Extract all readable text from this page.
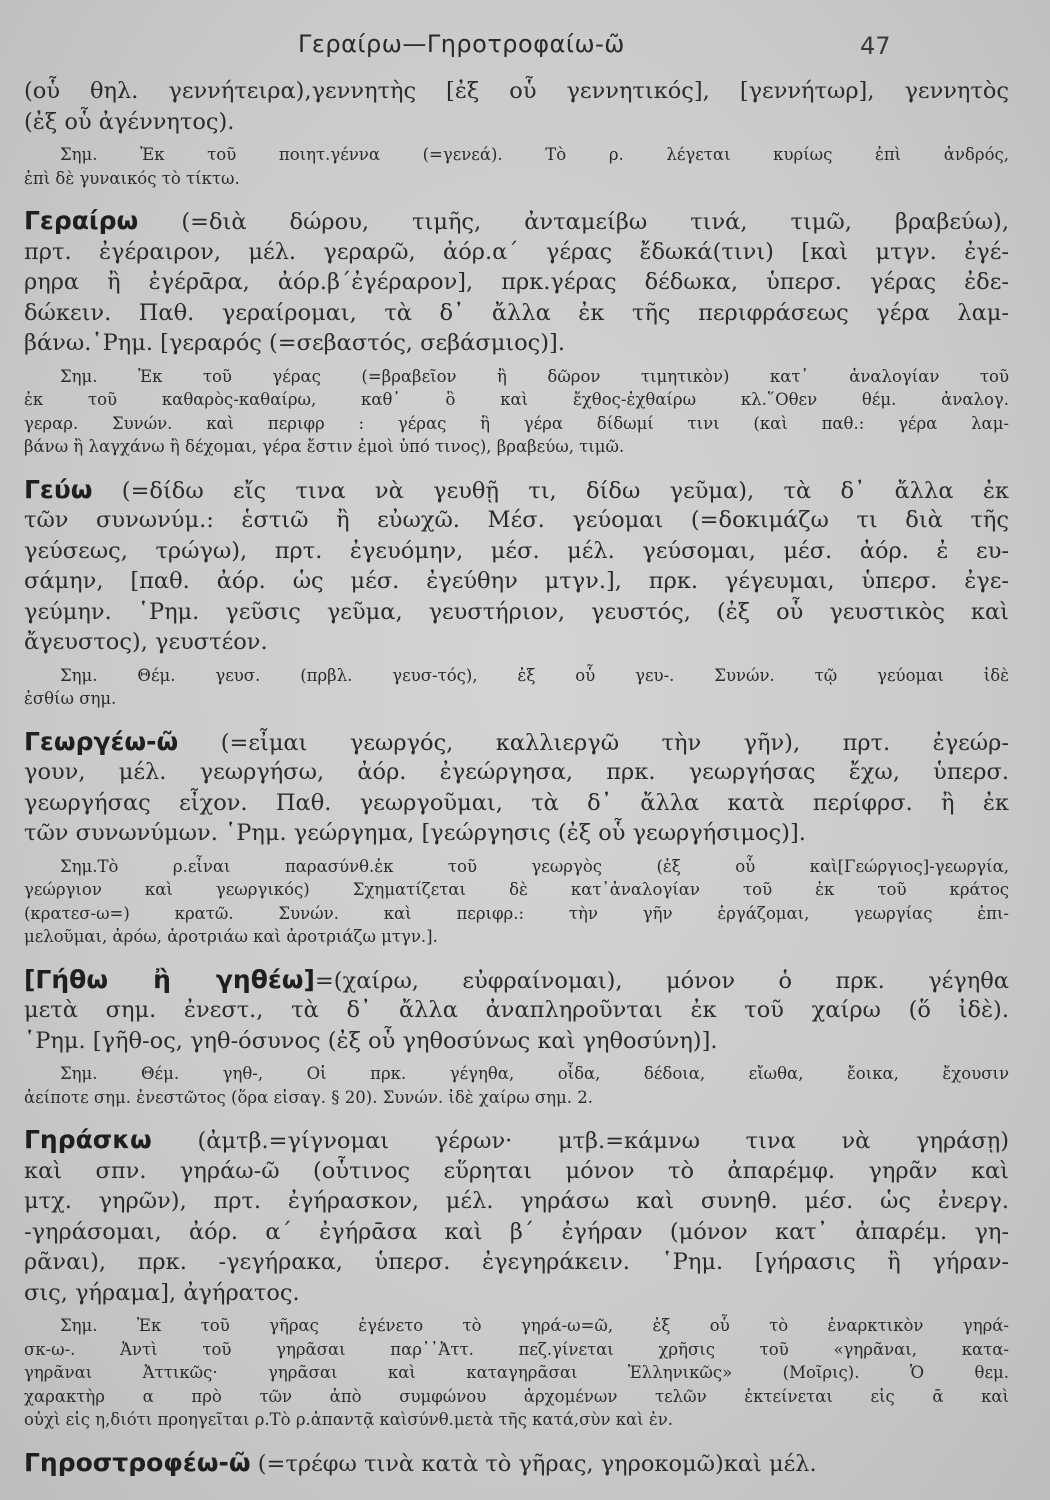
Γεραίρω—Γηροτροφαίω-ῶ	47
(οὗ θηλ. γεννήτειρα),γεννητὴς [ἐξ οὗ γεννητικός], [γεννήτωρ], γεννητὸς
(ἐξ οὗ ἀγέννητος).
Σημ. Ἐκ τοῦ ποιητ.γέννα (=γενεά). Τὸ ρ. λέγεται κυρίως ἐπὶ ἀνδρός,
ἐπὶ δὲ γυναικός τὸ τίκτω.
Γεραίρω (=διὰ δώρου, τιμῆς, ἀνταμείβω τινά, τιμῶ, βραβεύω),
πρτ. ἐγέραιρον, μέλ. γεραρῶ, ἀόρ.α΄ γέρας ἔδωκά(τινι) [καὶ μτγν. ἐγέ-
ρηρα ἢ ἐγέρᾱρα, ἀόρ.β΄ἐγέραρον], πρκ.γέρας δέδωκα, ὑπερσ. γέρας ἐδε-
δώκειν. Παθ. γεραίρομαι, τὰ δ᾽ ἄλλα ἐκ τῆς περιφράσεως γέρα λαμ-
βάνω.῾Ρημ. [γεραρός (=σεβαστός, σεβάσμιος)].
Σημ. Ἐκ τοῦ γέρας (=βραβεῖον ἢ δῶρον τιμητικὸν) κατ᾽ ἀναλογίαν τοῦ
ἐκ τοῦ καθαρὸς-καθαίρω, καθ᾽ ὃ καὶ ἔχθος-ἐχθαίρω κλ.῞Οθεν θέμ. ἀναλογ.
γεραρ. Συνών. καὶ περιφρ : γέρας ἢ γέρα δίδωμί τινι (καὶ παθ.: γέρα λαμ-
βάνω ἢ λαγχάνω ἢ δέχομαι, γέρα ἔστιν ἐμοὶ ὑπό τινος), βραβεύω, τιμῶ.
Γεύω (=δίδω εἴς τινα νὰ γευθῇ τι, δίδω γεῦμα), τὰ δ᾽ ἄλλα ἐκ
τῶν συνωνύμ.: ἑστιῶ ἢ εὐωχῶ. Μέσ. γεύομαι (=δοκιμάζω τι διὰ τῆς
γεύσεως, τρώγω), πρτ. ἐγευόμην, μέσ. μέλ. γεύσομαι, μέσ. ἀόρ. ἐ ευ-
σάμην, [παθ. ἀόρ. ὡς μέσ. ἐγεύθην μτγν.], πρκ. γέγευμαι, ὑπερσ. ἐγε-
γεύμην. ῾Ρημ. γεῦσις γεῦμα, γευστήριον, γευστός, (ἐξ οὗ γευστικὸς καὶ
ἄγευστος), γευστέον.
Σημ. Θέμ. γευσ. (πρβλ. γευσ-τός), ἐξ οὗ γευ-. Συνών. τῷ γεύομαι ἰδὲ
ἐσθίω σημ.
Γεωργέω-ῶ (=εἶμαι γεωργός, καλλιεργῶ τὴν γῆν), πρτ. ἐγεώρ-
γουν, μέλ. γεωργήσω, ἀόρ. ἐγεώργησα, πρκ. γεωργήσας ἔχω, ὑπερσ.
γεωργήσας εἶχον. Παθ. γεωργοῦμαι, τὰ δ᾽ ἄλλα κατὰ περίφρσ. ἢ ἐκ
τῶν συνωνύμων. ῾Ρημ. γεώργημα, [γεώργησις (ἐξ οὗ γεωργήσιμος)].
Σημ.Τὸ ρ.εἶναι παρασύνθ.ἐκ τοῦ γεωργὸς (ἐξ οὗ καὶ[Γεώργιος]-γεωργία,
γεώργιον καὶ γεωργικός) Σχηματίζεται δὲ κατ᾽ἀναλογίαν τοῦ ἐκ τοῦ κράτος
(κρατεσ-ω=) κρατῶ. Συνών. καὶ περιφρ.: τὴν γῆν ἐργάζομαι, γεωργίας ἐπι-
μελοῦμαι, ἀρόω, ἀροτριάω καὶ ἀροτριάζω μτγν.].
[Γήθω ἢ γηθέω]=(χαίρω, εὐφραίνομαι), μόνον ὁ πρκ. γέγηθα
μετὰ σημ. ἐνεστ., τὰ δ᾽ ἄλλα ἀναπληροῦνται ἐκ τοῦ χαίρω (ὅ ἰδὲ).
῾Ρημ. [γῆθ-ος, γηθ-όσυνος (ἐξ οὗ γηθοσύνως καὶ γηθοσύνη)].
Σημ. Θέμ. γηθ-, Οἱ πρκ. γέγηθα, οἶδα, δέδοια, εἴωθα, ἔοικα, ἔχουσιν
ἀείποτε σημ. ἐνεστῶτος (ὅρα εἰσαγ. § 20). Συνών. ἰδὲ χαίρω σημ. 2.
Γηράσκω (ἀμτβ.=γίγνομαι γέρων· μτβ.=κάμνω τινα νὰ γηράσῃ)
καὶ σπν. γηράω-ῶ (οὗτινος εὕρηται μόνον τὸ ἀπαρέμφ. γηρᾶν καὶ
μτχ. γηρῶν), πρτ. ἐγήρασκον, μέλ. γηράσω καὶ συνηθ. μέσ. ὡς ἐνεργ.
-γηράσομαι, ἀόρ. α΄ ἐγήρᾱσα καὶ β΄ ἐγήραν (μόνον κατ᾽ ἀπαρέμ. γη-
ρᾶναι), πρκ. -γεγήρακα, ὑπερσ. ἐγεγηράκειν. ῾Ρημ. [γήρασις ἢ γήραν-
σις, γήραμα], ἀγήρατος.
Σημ. Ἐκ τοῦ γῆρας ἐγένετο τὸ γηρά-ω=ῶ, ἐξ οὗ τὸ ἐναρκτικὸν γηρά-
σκ-ω-. Ἀντὶ τοῦ γηρᾶσαι παρ᾽᾽Ἀττ. πεζ.γίνεται χρῆσις τοῦ «γηρᾶναι, κατα-
γηρᾶναι Ἀττικῶς· γηρᾶσαι καὶ καταγηρᾶσαι Ἑλληνικῶς» (Μοῖρις). Ὁ θεμ.
χαρακτὴρ α πρὸ τῶν ἀπὸ συμφώνου ἀρχομένων τελῶν ἐκτείνεται εἰς ᾱ καὶ
οὐχὶ εἰς η,διότι προηγεῖται ρ.Τὸ ρ.ἀπαντᾷ καὶσύνθ.μετὰ τῆς κατά,σὺν καὶ ἐν.
Γηροστροφέω-ῶ (=τρέφω τινὰ κατὰ τὸ γῆρας, γηροκομῶ)καὶ μέλ.
